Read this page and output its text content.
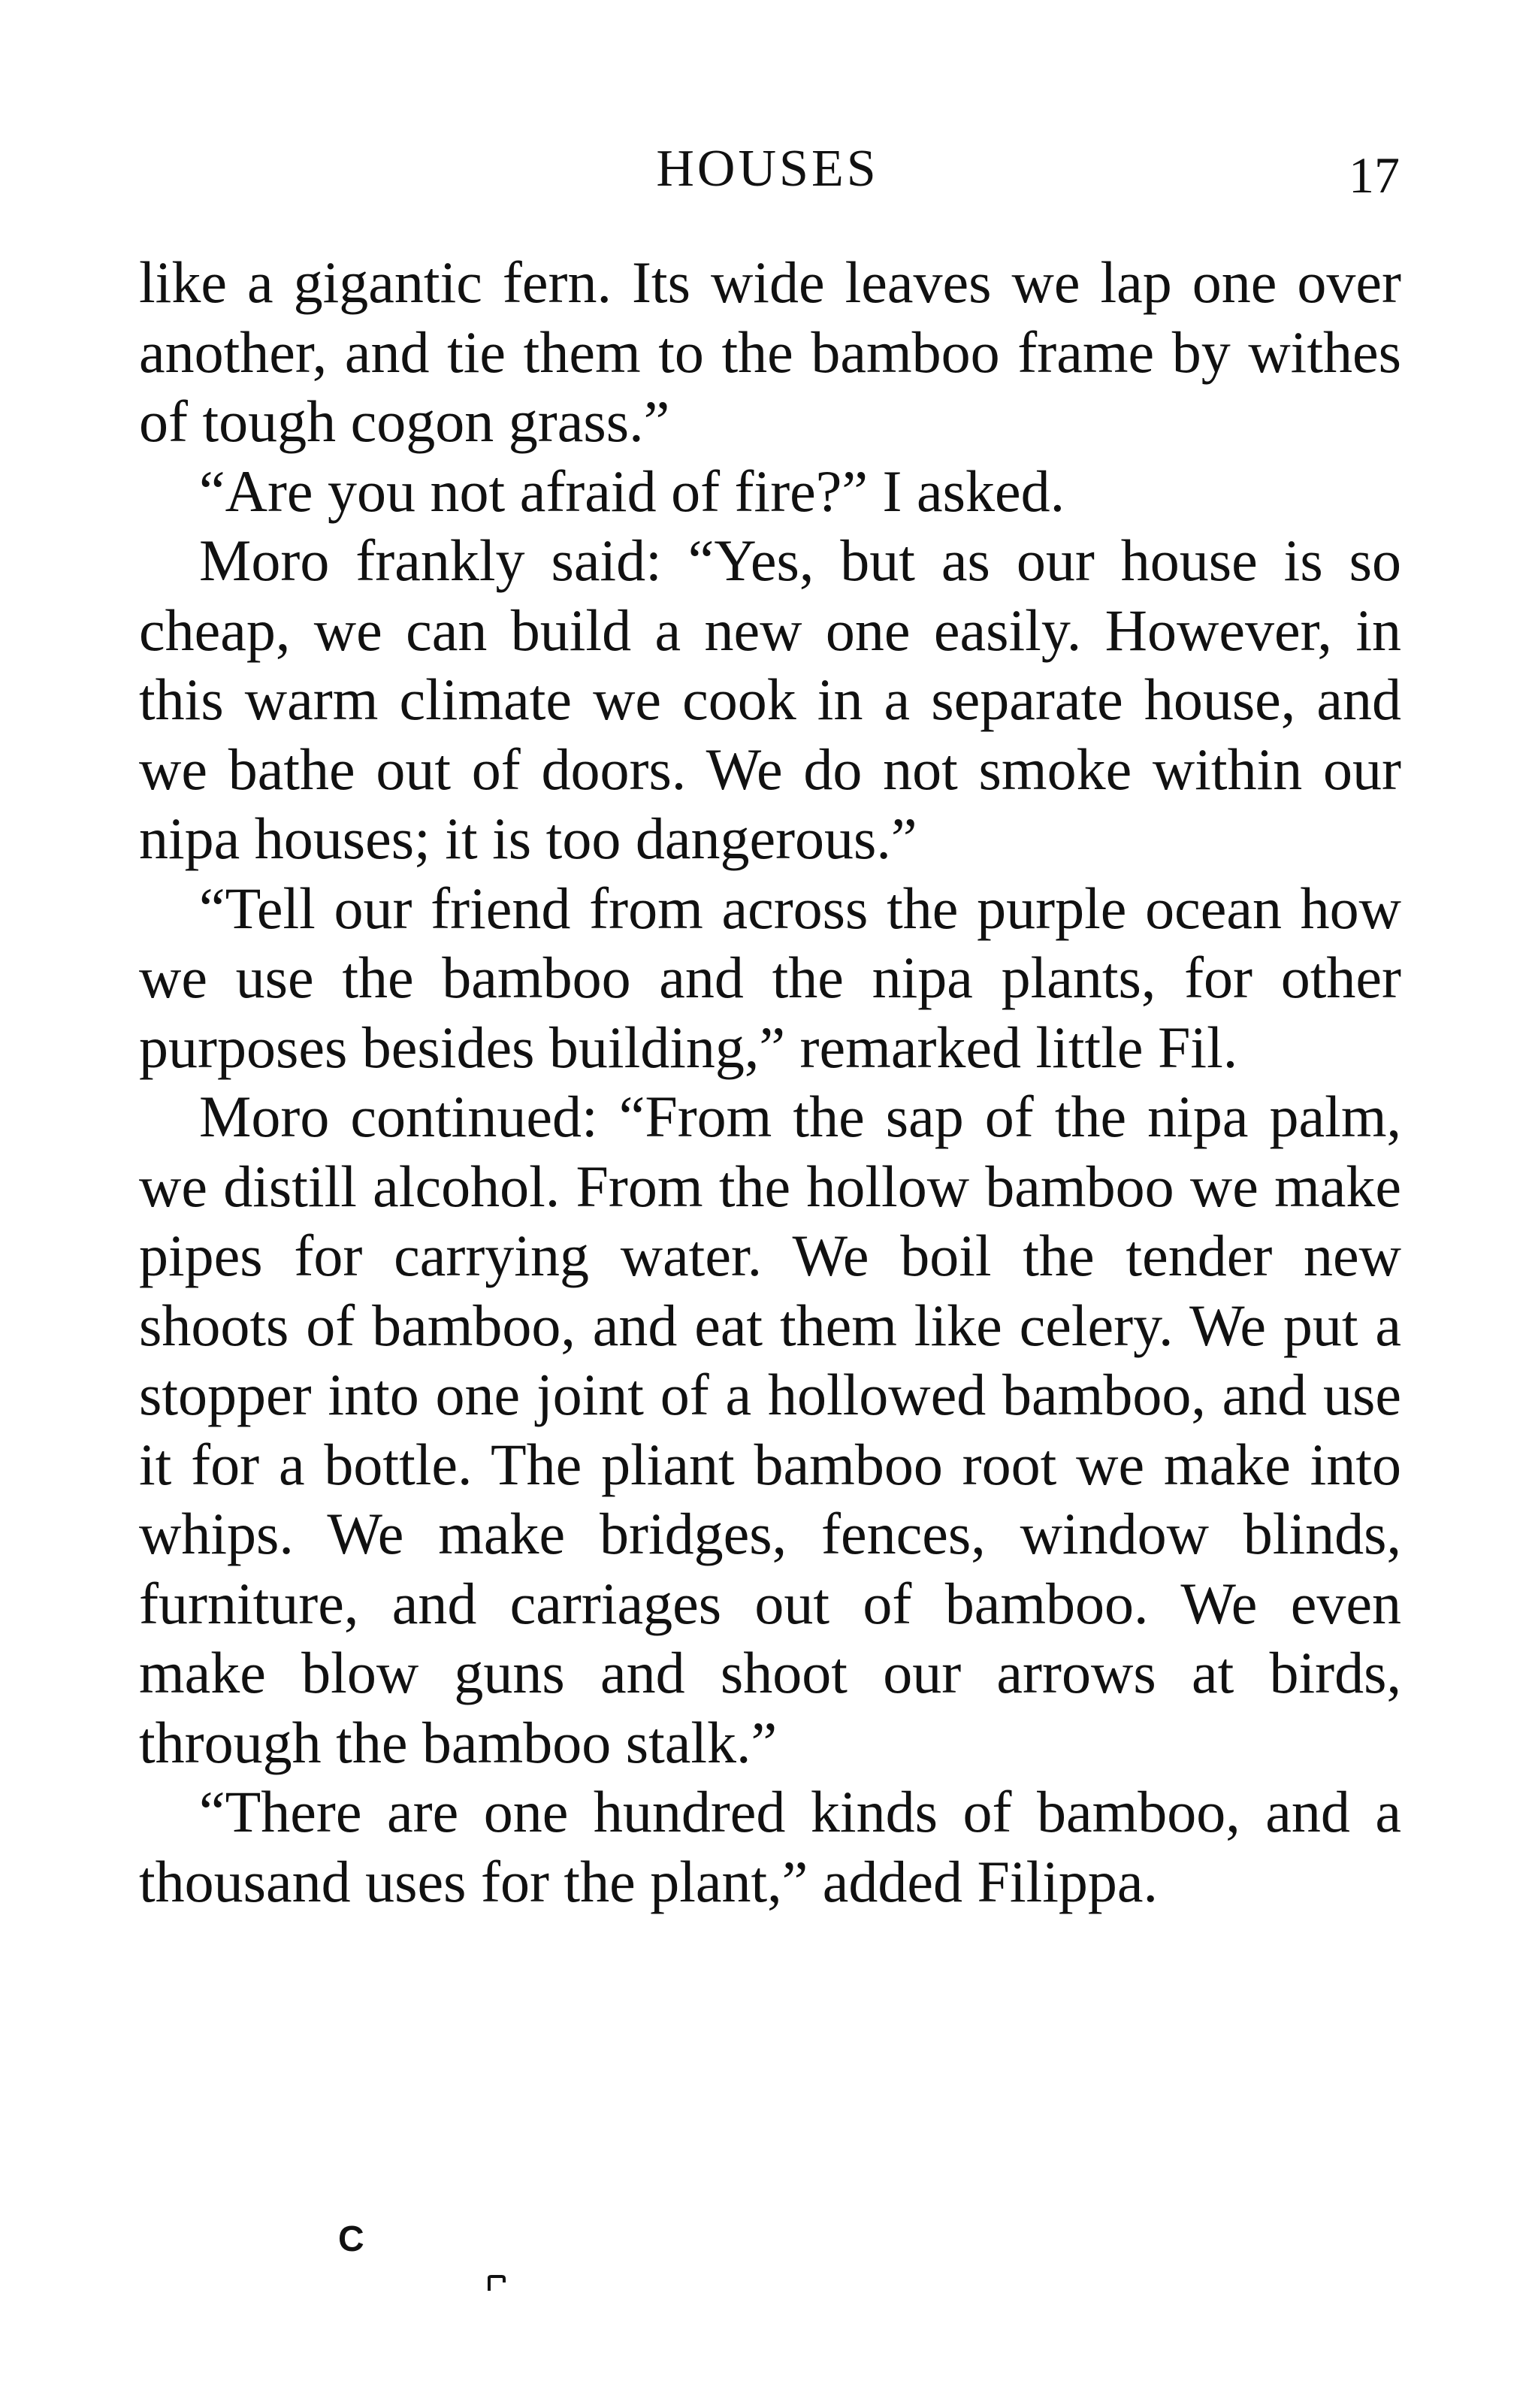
HOUSES	17

like a gigantic fern. Its wide leaves we lap one over another, and tie them to the bamboo frame by withes of tough cogon grass.”

“Are you not afraid of fire?” I asked.

Moro frankly said: “Yes, but as our house is so cheap, we can build a new one easily. However, in this warm climate we cook in a separate house, and we bathe out of doors. We do not smoke within our nipa houses; it is too dangerous.”

“Tell our friend from across the purple ocean how we use the bamboo and the nipa plants, for other purposes besides building,” remarked little Fil.

Moro continued: “From the sap of the nipa palm, we distill alcohol. From the hollow bamboo we make pipes for carrying water. We boil the tender new shoots of bamboo, and eat them like celery. We put a stopper into one joint of a hollowed bamboo, and use it for a bottle. The pliant bamboo root we make into whips. We make bridges, fences, window blinds, furniture, and carriages out of bamboo. We even make blow guns and shoot our arrows at birds, through the bamboo stalk.”

“There are one hundred kinds of bamboo, and a thousand uses for the plant,” added Filippa.

C
